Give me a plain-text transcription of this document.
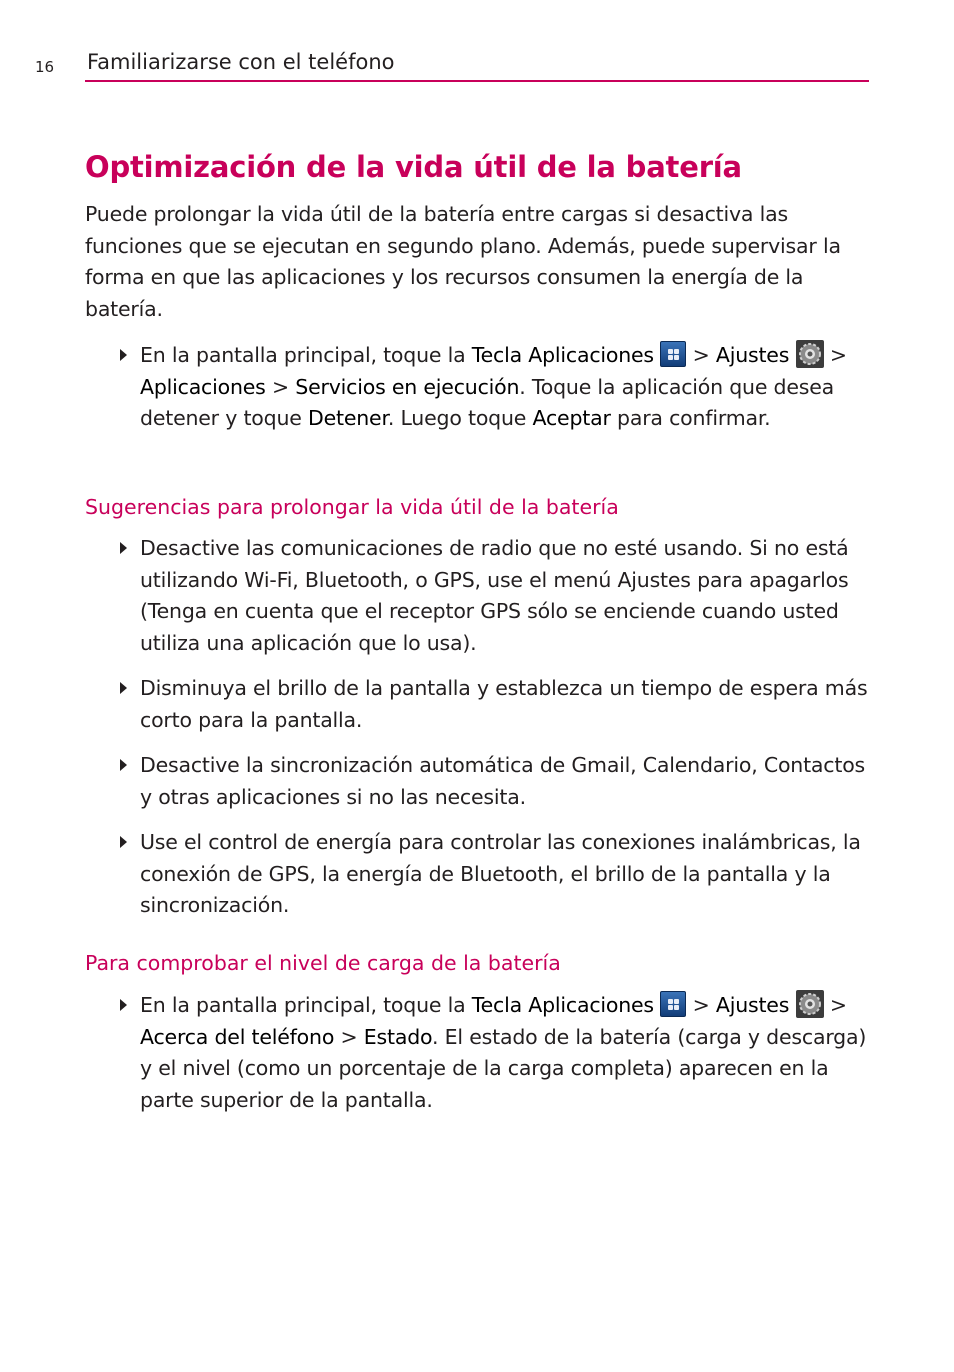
16 Familiarizarse con el teléfono
Optimización de la vida útil de la batería

Puede prolongar la vida útil de la batería entre cargas si desactiva las funciones que se ejecutan en segundo plano. Además, puede supervisar la forma en que las aplicaciones y los recursos consumen la energía de la batería.

En la pantalla principal, toque la Tecla Aplicaciones
> Ajustes
> Aplicaciones > Servicios en ejecución. Toque la aplicación que desea detener y toque Detener. Luego toque Aceptar para confirmar.

Sugerencias para prolongar la vida útil de la batería

Desactive las comunicaciones de radio que no esté usando. Si no está utilizando Wi-Fi, Bluetooth, o GPS, use el menú Ajustes para apagarlos (Tenga en cuenta que el receptor GPS sólo se enciende cuando usted utiliza una aplicación que lo usa).

Disminuya el brillo de la pantalla y establezca un tiempo de espera más corto para la pantalla.

Desactive la sincronización automática de Gmail, Calendario, Contactos y otras aplicaciones si no las necesita.

Use el control de energía para controlar las conexiones inalámbricas, la conexión de GPS, la energía de Bluetooth, el brillo de la pantalla y la sincronización.

Para comprobar el nivel de carga de la batería

En la pantalla principal, toque la Tecla Aplicaciones
> Ajustes
> Acerca del teléfono > Estado. El estado de la batería (carga y descarga) y el nivel (como un porcentaje de la carga completa) aparecen en la parte superior de la pantalla.
